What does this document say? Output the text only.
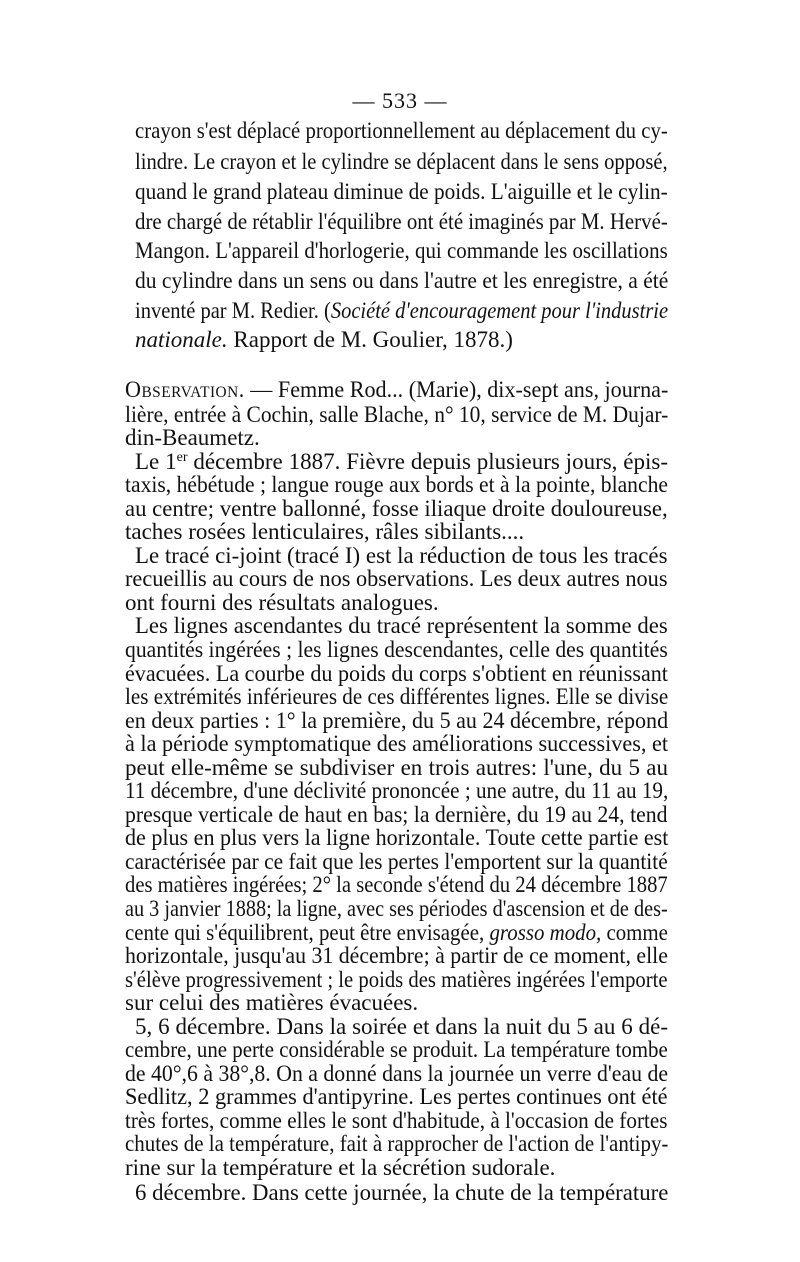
— 533 —
crayon s'est déplacé proportionnellement au déplacement du cy-
lindre. Le crayon et le cylindre se déplacent dans le sens opposé,
quand le grand plateau diminue de poids. L'aiguille et le cylin-
dre chargé de rétablir l'équilibre ont été imaginés par M. Hervé-
Mangon. L'appareil d'horlogerie, qui commande les oscillations
du cylindre dans un sens ou dans l'autre et les enregistre, a été
inventé par M. Redier. (Société d'encouragement pour l'industrie
nationale. Rapport de M. Goulier, 1878.)
Observation. — Femme Rod... (Marie), dix-sept ans, journa-
lière, entrée à Cochin, salle Blache, n° 10, service de M. Dujar-
din-Beaumetz.
Le 1er décembre 1887. Fièvre depuis plusieurs jours, épis-
taxis, hébétude ; langue rouge aux bords et à la pointe, blanche
au centre; ventre ballonné, fosse iliaque droite douloureuse,
taches rosées lenticulaires, râles sibilants....
Le tracé ci-joint (tracé I) est la réduction de tous les tracés
recueillis au cours de nos observations. Les deux autres nous
ont fourni des résultats analogues.
Les lignes ascendantes du tracé représentent la somme des
quantités ingérées ; les lignes descendantes, celle des quantités
évacuées. La courbe du poids du corps s'obtient en réunissant
les extrémités inférieures de ces différentes lignes. Elle se divise
en deux parties : 1° la première, du 5 au 24 décembre, répond
à la période symptomatique des améliorations successives, et
peut elle-même se subdiviser en trois autres: l'une, du 5 au
11 décembre, d'une déclivité prononcée ; une autre, du 11 au 19,
presque verticale de haut en bas; la dernière, du 19 au 24, tend
de plus en plus vers la ligne horizontale. Toute cette partie est
caractérisée par ce fait que les pertes l'emportent sur la quantité
des matières ingérées; 2° la seconde s'étend du 24 décembre 1887
au 3 janvier 1888; la ligne, avec ses périodes d'ascension et de des-
cente qui s'équilibrent, peut être envisagée, grosso modo, comme
horizontale, jusqu'au 31 décembre; à partir de ce moment, elle
s'élève progressivement ; le poids des matières ingérées l'emporte
sur celui des matières évacuées.
5, 6 décembre. Dans la soirée et dans la nuit du 5 au 6 dé-
cembre, une perte considérable se produit. La température tombe
de 40°,6 à 38°,8. On a donné dans la journée un verre d'eau de
Sedlitz, 2 grammes d'antipyrine. Les pertes continues ont été
très fortes, comme elles le sont d'habitude, à l'occasion de fortes
chutes de la température, fait à rapprocher de l'action de l'antipy-
rine sur la température et la sécrétion sudorale.
6 décembre. Dans cette journée, la chute de la température
